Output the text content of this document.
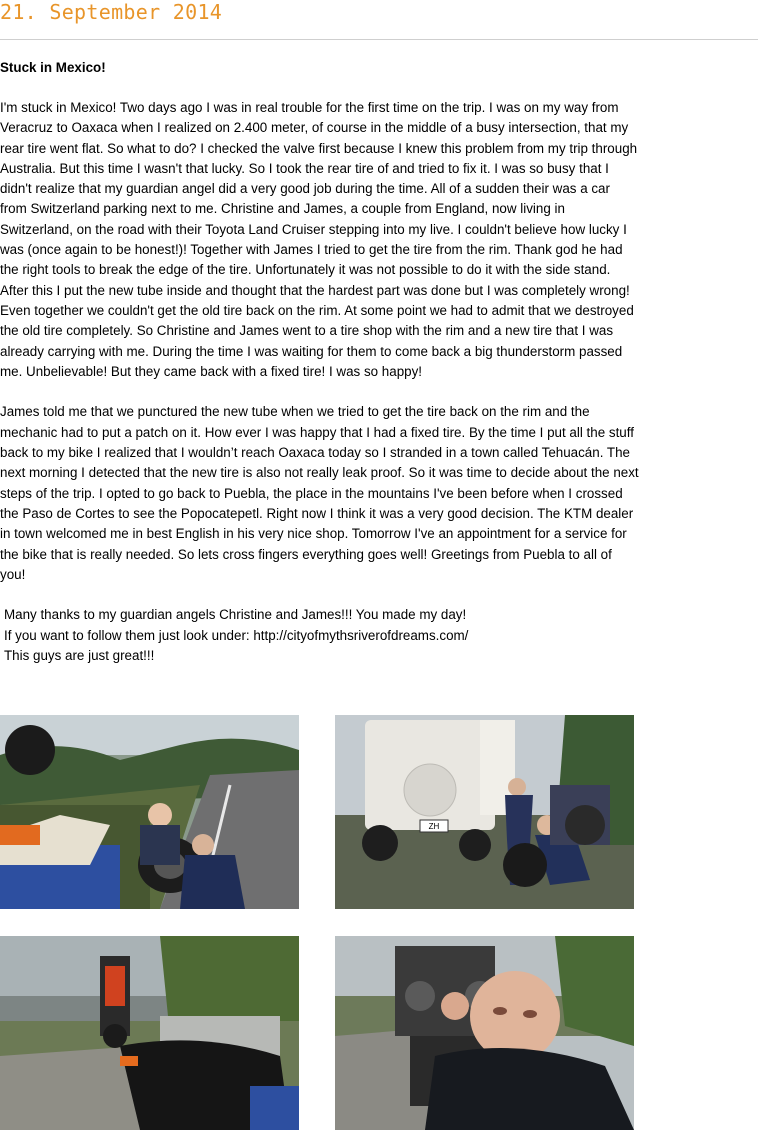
21. September 2014
Stuck in Mexico!

I'm stuck in Mexico! Two days ago I was in real trouble for the first time on the trip. I was on my way from Veracruz to Oaxaca when I realized on 2.400 meter, of course in the middle of a busy intersection, that my rear tire went flat. So what to do? I checked the valve first because I knew this problem from my trip through Australia. But this time I wasn't that lucky. So I took the rear tire of and tried to fix it. I was so busy that I didn't realize that my guardian angel did a very good job during the time. All of a sudden their was a car from Switzerland parking next to me. Christine and James, a couple from England, now living in Switzerland, on the road with their Toyota Land Cruiser stepping into my live. I couldn't believe how lucky I was (once again to be honest!)! Together with James I tried to get the tire from the rim. Thank god he had the right tools to break the edge of the tire. Unfortunately it was not possible to do it with the side stand. After this I put the new tube inside and thought that the hardest part was done but I was completely wrong! Even together we couldn't get the old tire back on the rim. At some point we had to admit that we destroyed the old tire completely. So Christine and James went to a tire shop with the rim and a new tire that I was already carrying with me. During the time I was waiting for them to come back a big thunderstorm passed me. Unbelievable! But they came back with a fixed tire! I was so happy!

James told me that we punctured the new tube when we tried to get the tire back on the rim and the mechanic had to put a patch on it. How ever I was happy that I had a fixed tire. By the time I put all the stuff back to my bike I realized that I wouldn’t reach Oaxaca today so I stranded in a town called Tehuacán. The next morning I detected that the new tire is also not really leak proof. So it was time to decide about the next steps of the trip. I opted to go back to Puebla, the place in the mountains I've been before when I crossed the Paso de Cortes to see the Popocatepetl. Right now I think it was a very good decision. The KTM dealer in town welcomed me in best English in his very nice shop. Tomorrow I've an appointment for a service for the bike that is really needed. So lets cross fingers everything goes well! Greetings from Puebla to all of you!

Many thanks to my guardian angels Christine and James!!! You made my day!

If you want to follow them just look under: http://cityofmythsriverofdreams.com/

This guys are just great!!!

ZH
